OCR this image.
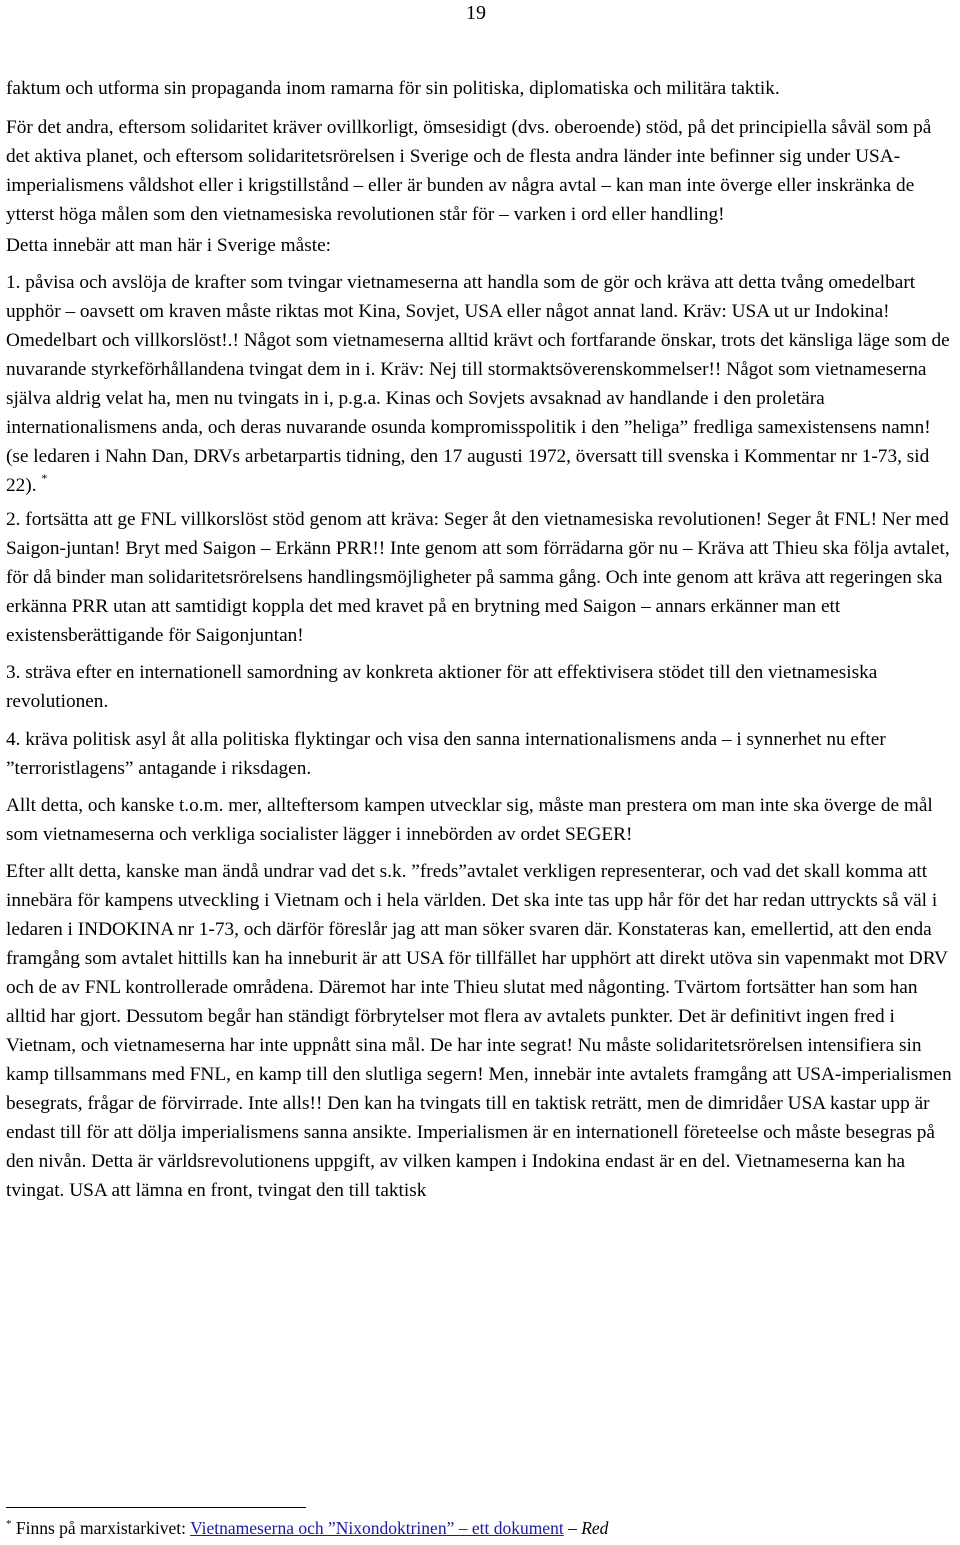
19

faktum och utforma sin propaganda inom ramarna för sin politiska, diplomatiska och militära taktik.

För det andra, eftersom solidaritet kräver ovillkorligt, ömsesidigt (dvs. oberoende) stöd, på det principiella såväl som på det aktiva planet, och eftersom solidaritetsrörelsen i Sverige och de flesta andra länder inte befinner sig under USA-imperialismens våldshot eller i krigstillstånd – eller är bunden av några avtal – kan man inte överge eller inskränka de ytterst höga målen som den vietnamesiska revolutionen står för – varken i ord eller handling!

Detta innebär att man här i Sverige måste:

1. påvisa och avslöja de krafter som tvingar vietnameserna att handla som de gör och kräva att detta tvång omedelbart upphör – oavsett om kraven måste riktas mot Kina, Sovjet, USA eller något annat land. Kräv: USA ut ur Indokina! Omedelbart och villkorslöst!.! Något som vietnameserna alltid krävt och fortfarande önskar, trots det känsliga läge som de nuvarande styrkeförhållandena tvingat dem in i. Kräv: Nej till stormaktsöverenskommelser!! Något som vietnameserna själva aldrig velat ha, men nu tvingats in i, p.g.a. Kinas och Sovjets avsaknad av handlande i den proletära internationalismens anda, och deras nuvarande osunda kompromisspolitik i den ”heliga” fredliga samexistensens namn! (se ledaren i Nahn Dan, DRVs arbetarpartis tidning, den 17 augusti 1972, översatt till svenska i Kommentar nr 1-73, sid 22). *

2. fortsätta att ge FNL villkorslöst stöd genom att kräva: Seger åt den vietnamesiska revolutionen! Seger åt FNL! Ner med Saigon-juntan! Bryt med Saigon – Erkänn PRR!! Inte genom att som förrädarna gör nu – Kräva att Thieu ska följa avtalet, för då binder man solidaritetsrörelsens handlingsmöjligheter på samma gång. Och inte genom att kräva att regeringen ska erkänna PRR utan att samtidigt koppla det med kravet på en brytning med Saigon – annars erkänner man ett existensberättigande för Saigonjuntan!

3. sträva efter en internationell samordning av konkreta aktioner för att effektivisera stödet till den vietnamesiska revolutionen.

4. kräva politisk asyl åt alla politiska flyktingar och visa den sanna internationalismens anda – i synnerhet nu efter ”terroristlagens” antagande i riksdagen.

Allt detta, och kanske t.o.m. mer, allteftersom kampen utvecklar sig, måste man prestera om man inte ska överge de mål som vietnameserna och verkliga socialister lägger i innebörden av ordet SEGER!

Efter allt detta, kanske man ändå undrar vad det s.k. ”freds”avtalet verkligen representerar, och vad det skall komma att innebära för kampens utveckling i Vietnam och i hela världen. Det ska inte tas upp hår för det har redan uttryckts så väl i ledaren i INDOKINA nr 1-73, och därför föreslår jag att man söker svaren där. Konstateras kan, emellertid, att den enda framgång som avtalet hittills kan ha inneburit är att USA för tillfället har upphört att direkt utöva sin vapenmakt mot DRV och de av FNL kontrollerade områdena. Däremot har inte Thieu slutat med någonting. Tvärtom fortsätter han som han alltid har gjort. Dessutom begår han ständigt förbrytelser mot flera av avtalets punkter. Det är definitivt ingen fred i Vietnam, och vietnameserna har inte uppnått sina mål. De har inte segrat! Nu måste solidaritetsrörelsen intensifiera sin kamp tillsammans med FNL, en kamp till den slutliga segern! Men, innebär inte avtalets framgång att USA-imperialismen besegrats, frågar de förvirrade. Inte alls!! Den kan ha tvingats till en taktisk reträtt, men de dimridåer USA kastar upp är endast till för att dölja imperialismens sanna ansikte. Imperialismen är en internationell företeelse och måste besegras på den nivån. Detta är världsrevolutionens uppgift, av vilken kampen i Indokina endast är en del. Vietnameserna kan ha tvingat. USA att lämna en front, tvingat den till taktisk

* Finns på marxistarkivet: Vietnameserna och ”Nixondoktrinen” – ett dokument – Red
